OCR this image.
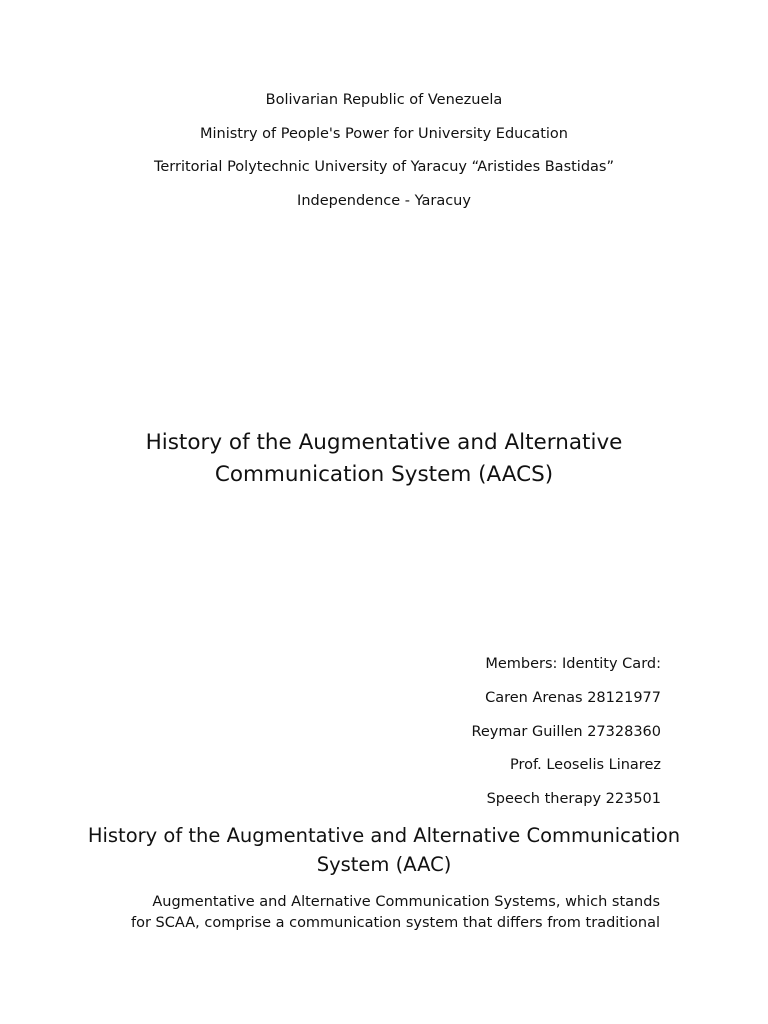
Bolivarian Republic of Venezuela
Ministry of People's Power for University Education
Territorial Polytechnic University of Yaracuy “Aristides Bastidas”
Independence - Yaracuy
History of the Augmentative and Alternative Communication System (AACS)
Members: Identity Card:
Caren Arenas 28121977
Reymar Guillen 27328360
Prof. Leoselis Linarez
Speech therapy 223501
History of the Augmentative and Alternative Communication System (AAC)
Augmentative and Alternative Communication Systems, which stands
for SCAA, comprise a communication system that differs from traditional
